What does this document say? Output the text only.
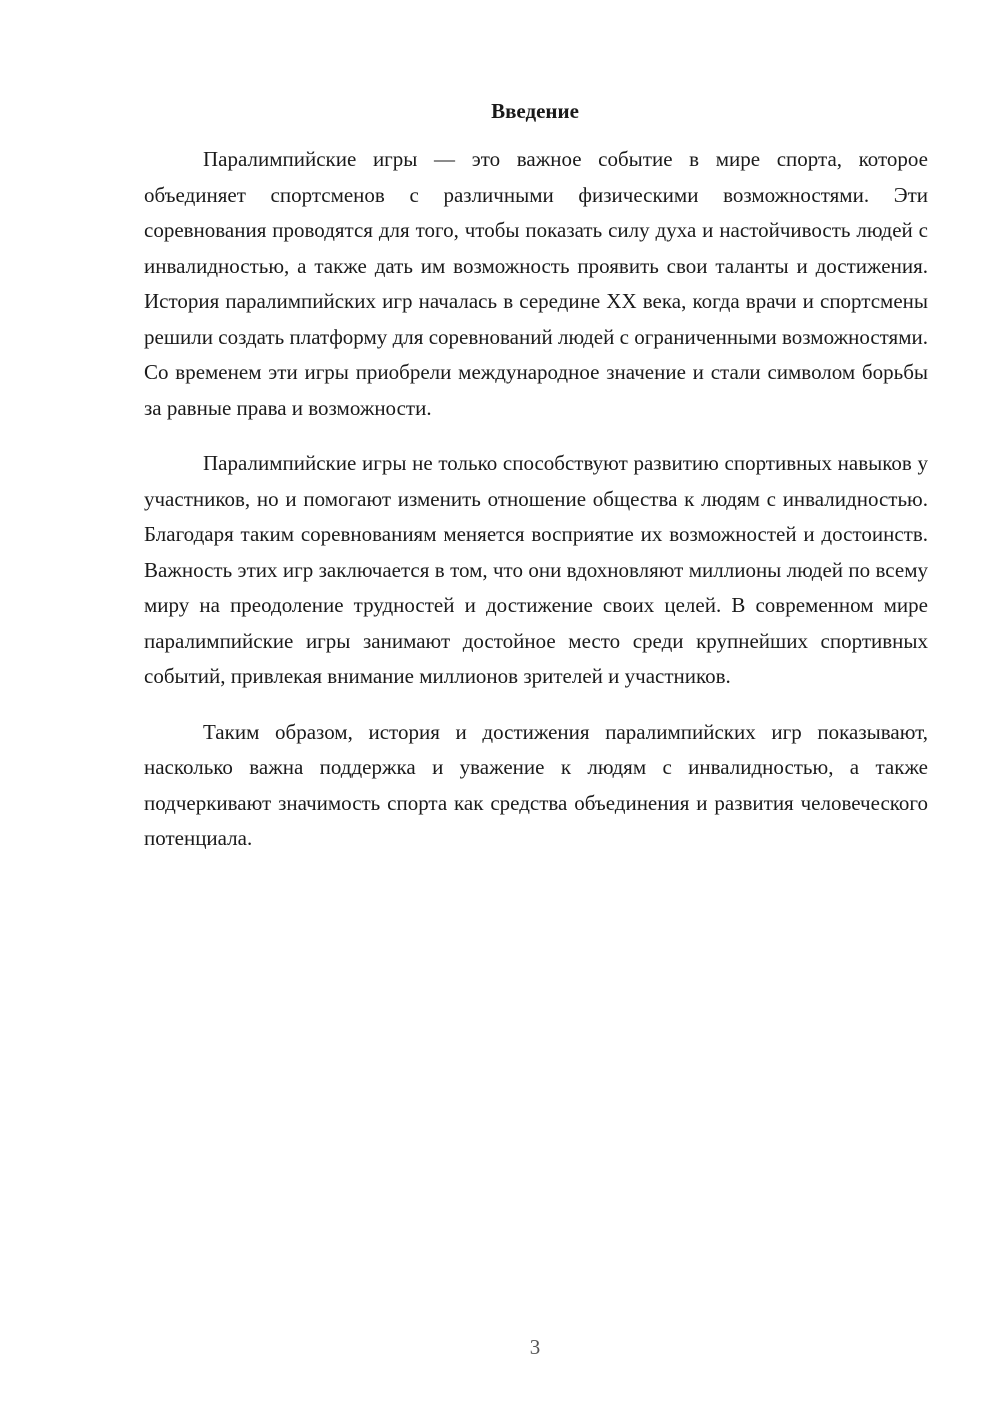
Введение

Паралимпийские игры — это важное событие в мире спорта, которое объединяет спортсменов с различными физическими возможностями. Эти соревнования проводятся для того, чтобы показать силу духа и настойчивость людей с инвалидностью, а также дать им возможность проявить свои таланты и достижения. История паралимпийских игр началась в середине XX века, когда врачи и спортсмены решили создать платформу для соревнований людей с ограниченными возможностями. Со временем эти игры приобрели международное значение и стали символом борьбы за равные права и возможности.

Паралимпийские игры не только способствуют развитию спортивных навыков у участников, но и помогают изменить отношение общества к людям с инвалидностью. Благодаря таким соревнованиям меняется восприятие их возможностей и достоинств. Важность этих игр заключается в том, что они вдохновляют миллионы людей по всему миру на преодоление трудностей и достижение своих целей. В современном мире паралимпийские игры занимают достойное место среди крупнейших спортивных событий, привлекая внимание миллионов зрителей и участников.

Таким образом, история и достижения паралимпийских игр показывают, насколько важна поддержка и уважение к людям с инвалидностью, а также подчеркивают значимость спорта как средства объединения и развития человеческого потенциала.

3
